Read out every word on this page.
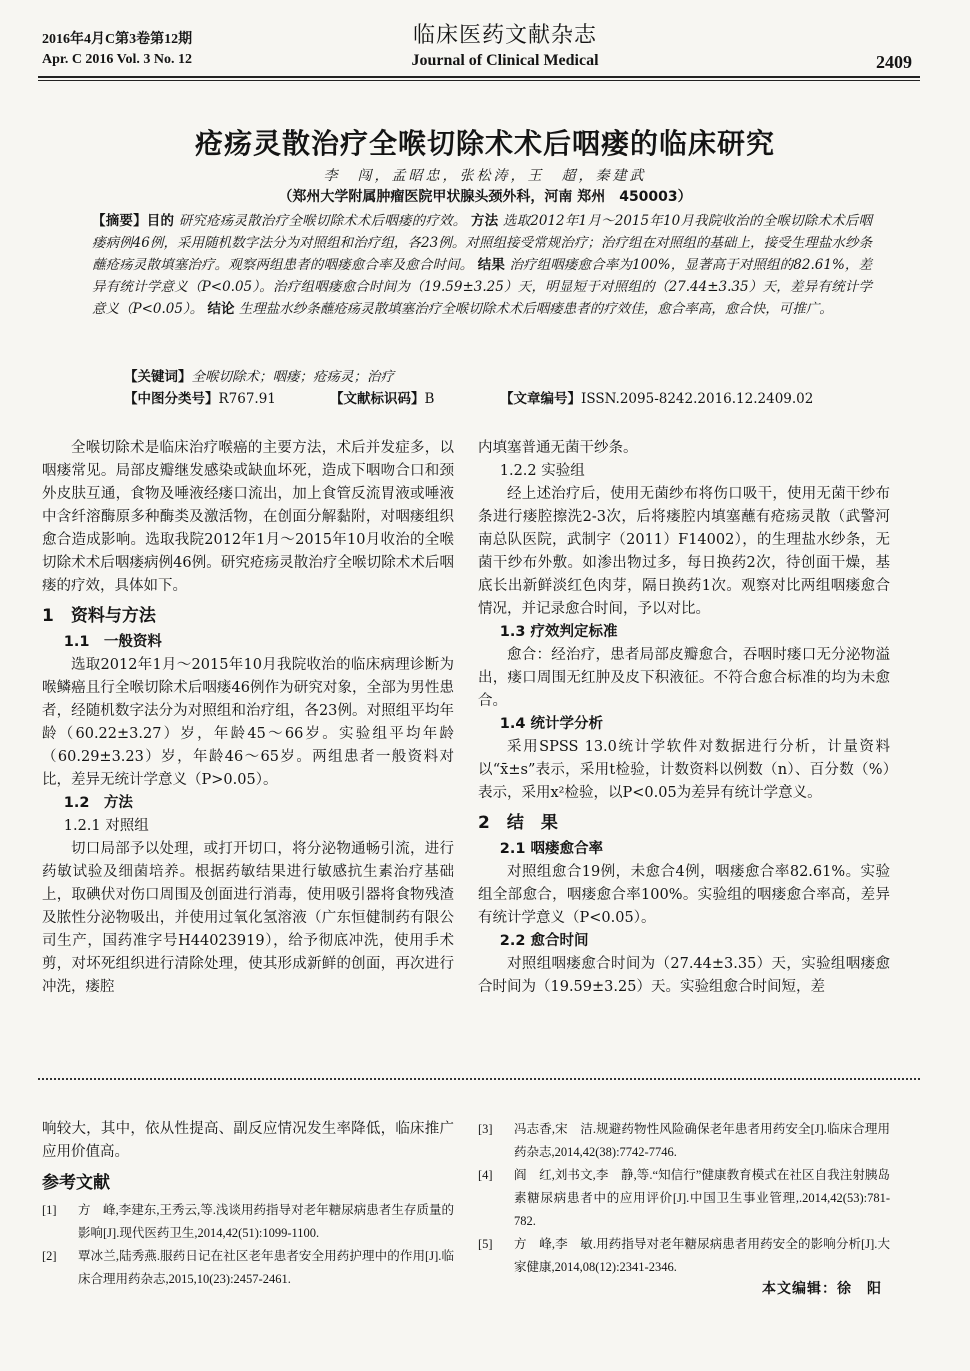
2016年4月C第3卷第12期
Apr. C 2016 Vol. 3 No. 12
临床医药文献杂志
Journal of Clinical Medical	2409
疮疡灵散治疗全喉切除术术后咽瘘的临床研究
李　闯，孟昭忠，张松涛，王　超，秦建武
（郑州大学附属肿瘤医院甲状腺头颈外科，河南 郑州　450003）
【摘要】目的 研究疮疡灵散治疗全喉切除术术后咽瘘的疗效。 方法 选取2012年1月～2015年10月我院收治的全喉切除术术后咽瘘病例46例，采用随机数字法分为对照组和治疗组，各23例。对照组接受常规治疗；治疗组在对照组的基础上，接受生理盐水纱条蘸疮疡灵散填塞治疗。观察两组患者的咽瘘愈合率及愈合时间。 结果 治疗组咽瘘愈合率为100%，显著高于对照组的82.61%，差异有统计学意义（P<0.05）。治疗组咽瘘愈合时间为（19.59±3.25）天，明显短于对照组的（27.44±3.35）天，差异有统计学意义（P<0.05）。 结论 生理盐水纱条蘸疮疡灵散填塞治疗全喉切除术术后咽瘘患者的疗效佳，愈合率高，愈合快，可推广。
【关键词】全喉切除术；咽瘘；疮疡灵；治疗
【中图分类号】R767.91	【文献标识码】B	【文章编号】ISSN.2095-8242.2016.12.2409.02

全喉切除术是临床治疗喉癌的主要方法，术后并发症多，以咽瘘常见。局部皮瓣继发感染或缺血坏死，造成下咽吻合口和颈外皮肤互通，食物及唾液经瘘口流出，加上食管反流胃液或唾液中含纤溶酶原多种酶类及激活物，在创面分解黏附，对咽瘘组织愈合造成影响。选取我院2012年1月～2015年10月收治的全喉切除术术后咽瘘病例46例。研究疮疡灵散治疗全喉切除术术后咽瘘的疗效，具体如下。

1　资料与方法

1.1　一般资料

选取2012年1月～2015年10月我院收治的临床病理诊断为喉鳞癌且行全喉切除术后咽瘘46例作为研究对象，全部为男性患者，经随机数字法分为对照组和治疗组，各23例。对照组平均年龄（60.22±3.27）岁，年龄45～66岁。实验组平均年龄（60.29±3.23）岁，年龄46～65岁。两组患者一般资料对比，差异无统计学意义（P>0.05）。

1.2　方法

1.2.1 对照组

切口局部予以处理，或打开切口，将分泌物通畅引流，进行药敏试验及细菌培养。根据药敏结果进行敏感抗生素治疗基础上，取碘伏对伤口周围及创面进行消毒，使用吸引器将食物残渣及脓性分泌物吸出，并使用过氧化氢溶液（广东恒健制药有限公司生产，国药准字号H44023919），给予彻底冲洗，使用手术剪，对坏死组织进行清除处理，使其形成新鲜的创面，再次进行冲洗，瘘腔

内填塞普通无菌干纱条。

1.2.2 实验组

经上述治疗后，使用无菌纱布将伤口吸干，使用无菌干纱布条进行瘘腔擦洗2-3次，后将瘘腔内填塞蘸有疮疡灵散（武警河南总队医院，武制字（2011）F14002），的生理盐水纱条，无菌干纱布外敷。如渗出物过多，每日换药2次，待创面干燥，基底长出新鲜淡红色肉芽，隔日换药1次。观察对比两组咽瘘愈合情况，并记录愈合时间，予以对比。

1.3 疗效判定标准

愈合：经治疗，患者局部皮瓣愈合，吞咽时瘘口无分泌物溢出，瘘口周围无红肿及皮下积液征。不符合愈合标准的均为未愈合。

1.4 统计学分析

采用SPSS 13.0统计学软件对数据进行分析，计量资料以“x̄±s”表示，采用t检验，计数资料以例数（n）、百分数（%）表示，采用x²检验，以P<0.05为差异有统计学意义。

2　结　果

2.1 咽瘘愈合率

对照组愈合19例，未愈合4例，咽瘘愈合率82.61%。实验组全部愈合，咽瘘愈合率100%。实验组的咽瘘愈合率高，差异有统计学意义（P<0.05）。

2.2 愈合时间

对照组咽瘘愈合时间为（27.44±3.35）天，实验组咽瘘愈合时间为（19.59±3.25）天。实验组愈合时间短，差

响较大，其中，依从性提高、副反应情况发生率降低，临床推广应用价值高。

参考文献
[1]	方　峰,李建东,王秀云,等.浅谈用药指导对老年糖尿病患者生存质量的影响[J].现代医药卫生,2014,42(51):1099-1100.
[2]	覃冰兰,陆秀燕.服药日记在社区老年患者安全用药护理中的作用[J].临床合理用药杂志,2015,10(23):2457-2461.
[3]	冯志香,宋　洁.规避药物性风险确保老年患者用药安全[J].临床合理用药杂志,2014,42(38):7742-7746.
[4]	阎　红,刘书文,李　静,等.“知信行”健康教育模式在社区自我注射胰岛素糖尿病患者中的应用评价[J].中国卫生事业管理,.2014,42(53):781-782.
[5]	方　峰,李　敏.用药指导对老年糖尿病患者用药安全的影响分析[J].大家健康,2014,08(12):2341-2346.
本文编辑：徐　阳
